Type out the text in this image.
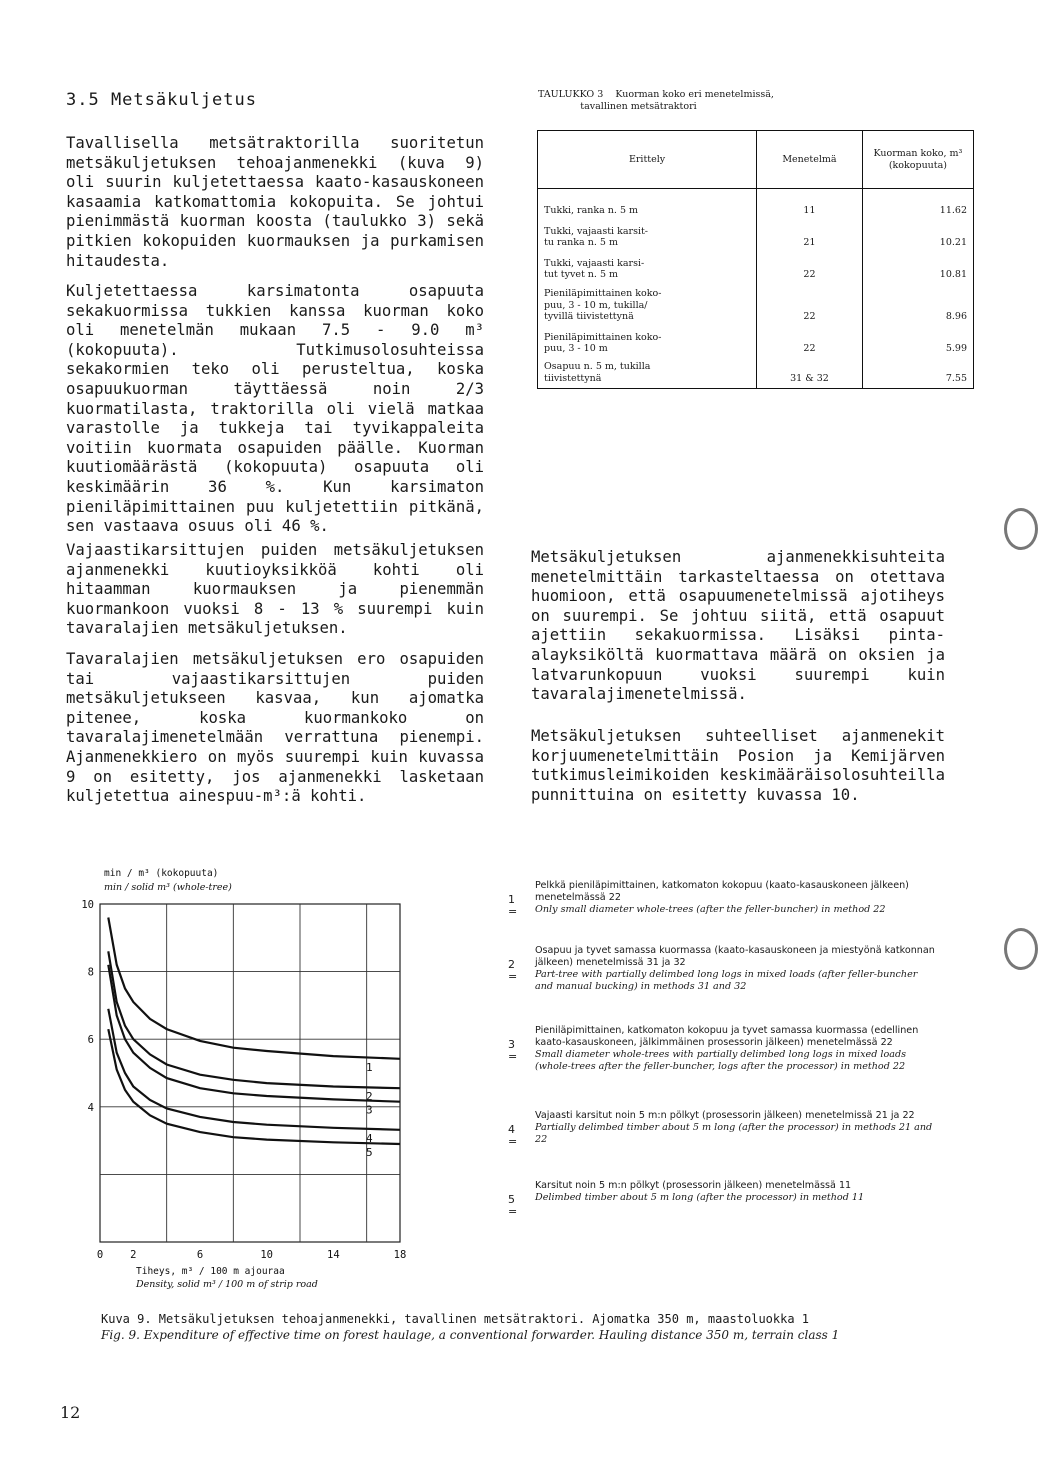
3.5 Metsäkuljetus
Tavallisella metsätraktorilla suoritetun metsäkuljetuksen tehoajanmenekki (kuva 9) oli suurin kuljetettaessa kaato-kasauskoneen kasaamia katkomattomia kokopuita. Se johtui pienimmästä kuorman koosta (taulukko 3) sekä pitkien kokopuiden kuormauksen ja purkamisen hitaudesta.
Kuljetettaessa karsimatonta osapuuta sekakuormissa tukkien kanssa kuorman koko oli menetelmän mukaan 7.5 - 9.0 m³ (kokopuuta). Tutkimusolosuhteissa sekakormien teko oli perusteltua, koska osapuukuorman täyttäessä noin 2/3 kuormatilasta, traktorilla oli vielä matkaa varastolle ja tukkeja tai tyvikappaleita voitiin kuormata osapuiden päälle. Kuorman kuutiomäärästä (kokopuuta) osapuuta oli keskimäärin 36 %. Kun karsimaton pieniläpimittainen puu kuljetettiin pitkänä, sen vastaava osuus oli 46 %.
Vajaastikarsittujen puiden metsäkuljetuksen ajanmenekki kuutioyksikköä kohti oli hitaamman kuormauksen ja pienemmän kuormankoon vuoksi 8 - 13 % suurempi kuin tavaralajien metsäkuljetuksen.
Tavaralajien metsäkuljetuksen ero osapuiden tai vajaastikarsittujen puiden metsäkuljetukseen kasvaa, kun ajomatka pitenee, koska kuormankoko on tavaralajimenetelmään verrattuna pienempi. Ajanmenekkiero on myös suurempi kuin kuvassa 9 on esitetty, jos ajanmenekki lasketaan kuljetettua ainespuu-m³:ä kohti.
TAULUKKO 3    Kuorman koko eri menetelmissä,
tavallinen metsätraktori
Erittely	Menetelmä	Kuorman koko, m³ (kokopuuta)
Tukki, ranka n. 5 m	11	11.62
Tukki, vajaasti karsit-
tu ranka n. 5 m	21	10.21
Tukki, vajaasti karsi-
tut tyvet n. 5 m	22	10.81
Pieniläpimittainen koko-
puu, 3 - 10 m, tukilla/
tyvillä tiivistettynä	22	8.96
Pieniläpimittainen koko-
puu, 3 - 10 m	22	5.99
Osapuu n. 5 m, tukilla
tiivistettynä	31 & 32	7.55
Metsäkuljetuksen ajanmenekkisuhteita menetelmittäin tarkasteltaessa on otettava huomioon, että osapuumenetelmissä ajotiheys on suurempi. Se johtuu siitä, että osapuut ajettiin sekakuormissa. Lisäksi pinta-alayksiköltä kuormattava määrä on oksien ja latvarunkopuun vuoksi suurempi kuin tavaralajimenetelmissä.
Metsäkuljetuksen suhteelliset ajanmenekit korjuumenetelmittäin Posion ja Kemijärven tutkimusleimikoiden keskimääräisolosuhteilla punnittuina on esitetty kuvassa 10.
1
2
3
4
5
0	2	6	10	14	18
10
8
6
4
min / m³ (kokopuuta)
min / solid m³ (whole-tree)
Tiheys, m³ / 100 m ajouraa
Density, solid m³ / 100 m of strip road
1 =
Pelkkä pieniläpimittainen, katkomaton kokopuu (kaato-kasauskoneen jälkeen) menetelmässä 22
Only small diameter whole-trees (after the feller-buncher) in method 22
2 =
Osapuu ja tyvet samassa kuormassa (kaato-kasauskoneen ja miestyönä katkonnan jälkeen) menetelmissä 31 ja 32
Part-tree with partially delimbed long logs in mixed loads (after feller-buncher and manual bucking) in methods 31 and 32
3 =
Pieniläpimittainen, katkomaton kokopuu ja tyvet samassa kuormassa (edellinen kaato-kasauskoneen, jälkimmäinen prosessorin jälkeen) menetelmässä 22
Small diameter whole-trees with partially delimbed long logs in mixed loads (whole-trees after the feller-buncher, logs after the processor) in method 22
4 =
Vajaasti karsitut noin 5 m:n pölkyt (prosessorin jälkeen) menetelmissä 21 ja 22
Partially delimbed timber about 5 m long (after the processor) in methods 21 and 22
5 =
Karsitut noin 5 m:n pölkyt (prosessorin jälkeen) menetelmässä 11
Delimbed timber about 5 m long (after the processor) in method 11
Kuva 9. Metsäkuljetuksen tehoajanmenekki, tavallinen metsätraktori. Ajomatka 350 m, maastoluokka 1
Fig. 9. Expenditure of effective time on forest haulage, a conventional forwarder. Hauling distance 350 m, terrain class 1
12
